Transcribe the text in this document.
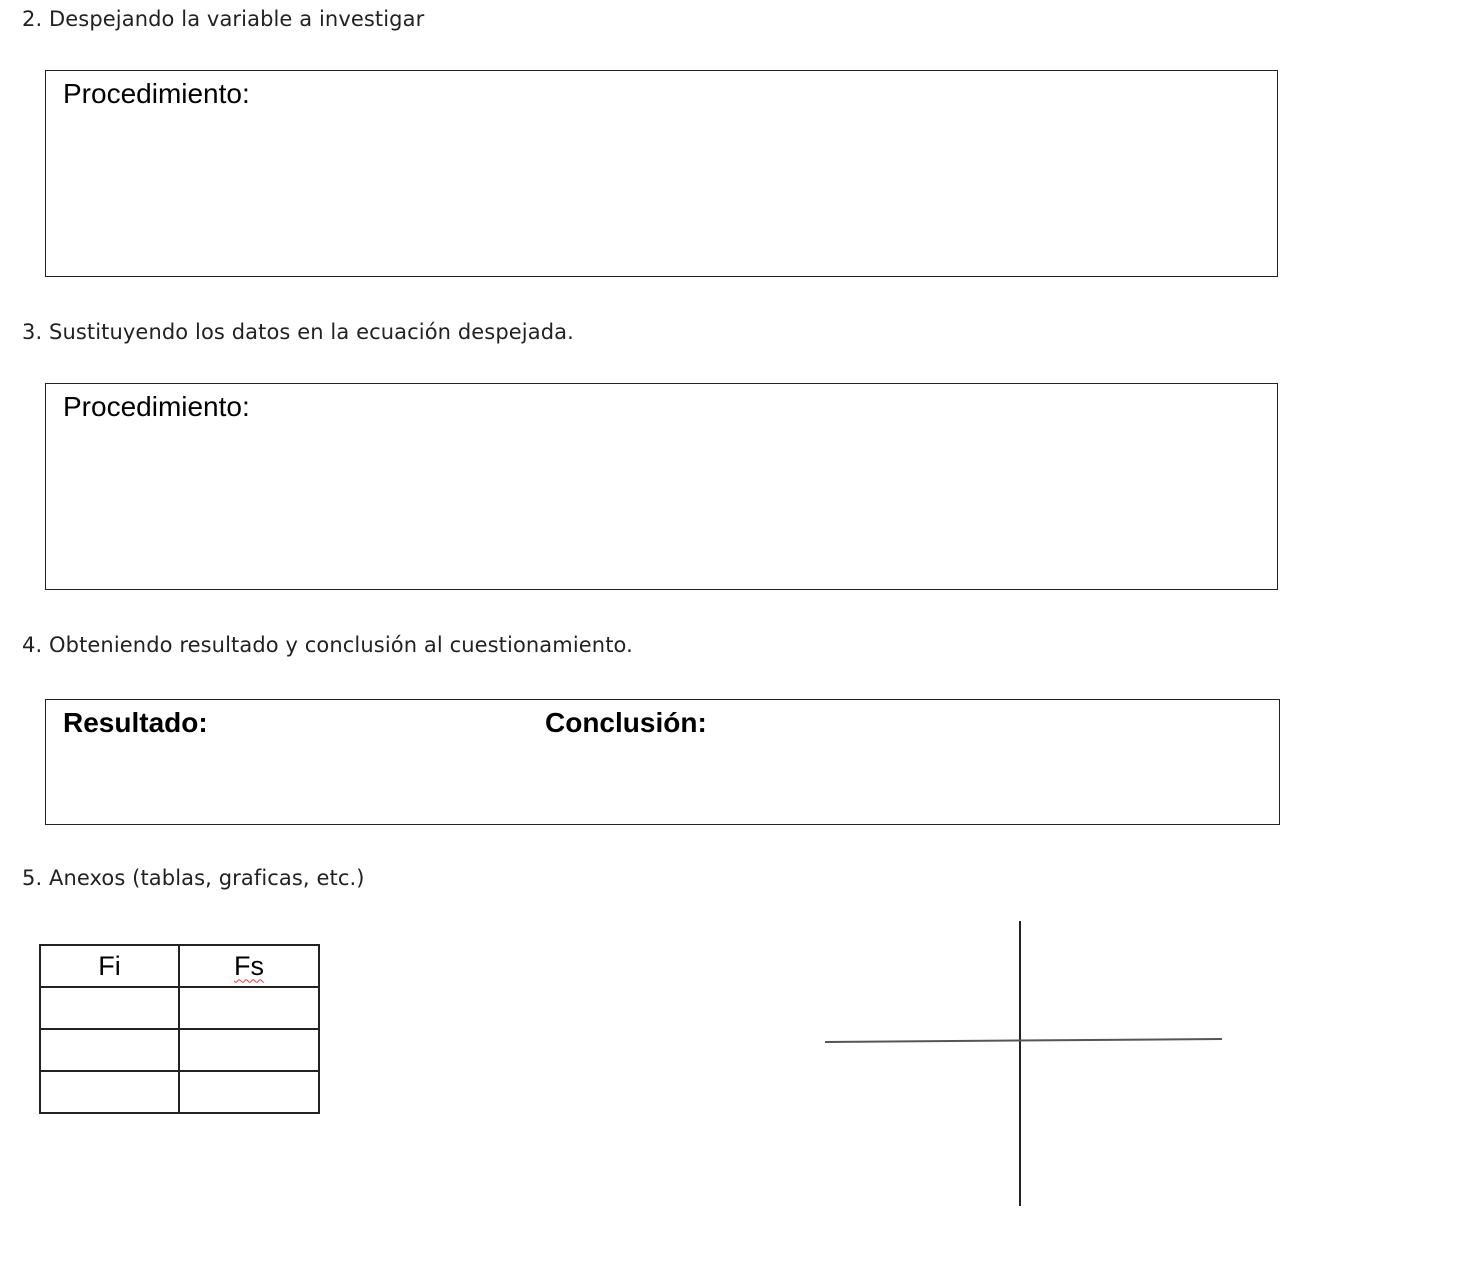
2. Despejando la variable a investigar
Procedimiento:
3. Sustituyendo los datos en la ecuación despejada.
Procedimiento:
4. Obteniendo resultado y conclusión al cuestionamiento.
Resultado:	Conclusión:
5. Anexos (tablas, graficas, etc.)
Fi	Fs
